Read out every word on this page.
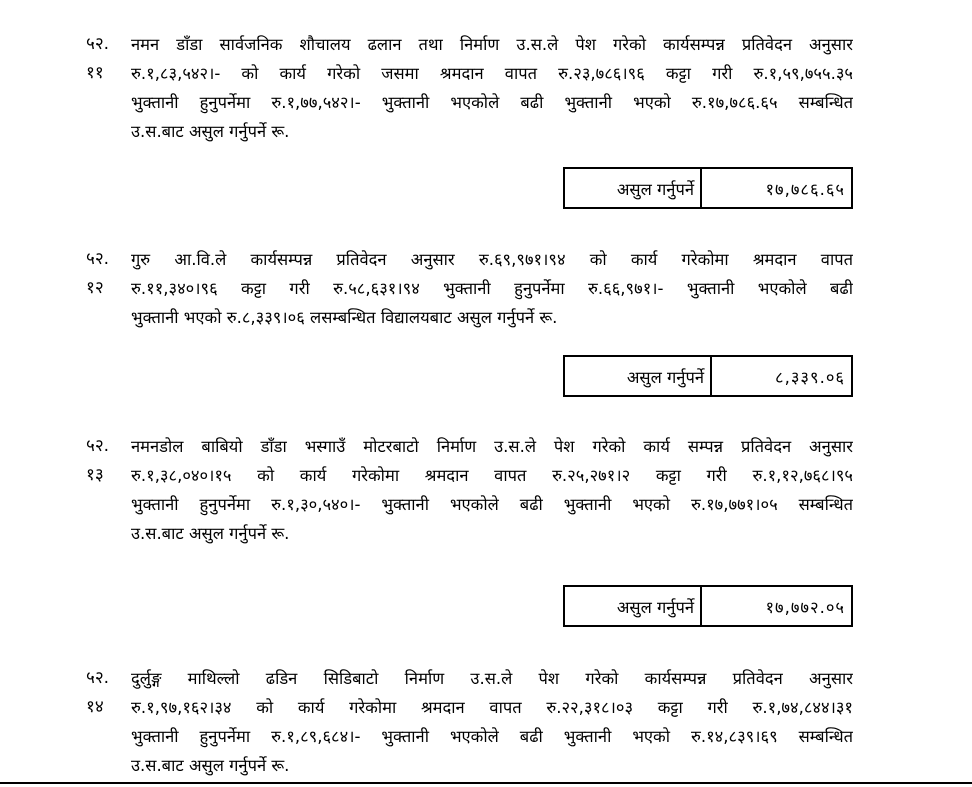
५२.
११
नमन डाँडा सार्वजनिक शौचालय ढलान तथा निर्माण उ.स.ले पेश गरेको कार्यसम्पन्न प्रतिवेदन अनुसार
रु.१,८३,५४२।- को कार्य गरेको जसमा श्रमदान वापत रु.२३,७८६।९६ कट्टा गरी रु.१,५९,७५५.३५
भुक्तानी हुनुपर्नेमा रु.१,७७,५४२।- भुक्तानी भएकोले बढी भुक्तानी भएको रु.१७,७८६.६५ सम्बन्धित
उ.स.बाट असुल गर्नुपर्ने रू.
असुल गर्नुपर्ने	१७,७८६.६५
५२.
१२
गुरु आ.वि.ले कार्यसम्पन्न प्रतिवेदन अनुसार रु.६९,९७१।९४ को कार्य गरेकोमा श्रमदान वापत
रु.११,३४०।९६ कट्टा गरी रु.५८,६३१।९४ भुक्तानी हुनुपर्नेमा रु.६६,९७१।- भुक्तानी भएकोले बढी
भुक्तानी भएको रु.८,३३९।०६ लसम्बन्धित विद्यालयबाट असुल गर्नुपर्ने रू.
असुल गर्नुपर्ने	८,३३९.०६
५२.
१३
नमनडोल बाबियो डाँडा भस्गाउँ मोटरबाटो निर्माण उ.स.ले पेश गरेको कार्य सम्पन्न प्रतिवेदन अनुसार
रु.१,३८,०४०।१५ को कार्य गरेकोमा श्रमदान वापत रु.२५,२७१।२ कट्टा गरी रु.१,१२,७६८।९५
भुक्तानी हुनुपर्नेमा रु.१,३०,५४०।- भुक्तानी भएकोले बढी भुक्तानी भएको रु.१७,७७१।०५ सम्बन्धित
उ.स.बाट असुल गर्नुपर्ने रू.
असुल गर्नुपर्ने	१७,७७२.०५
५२.
१४
दुर्लुङ्ग माथिल्लो ढडिन सिडिबाटो निर्माण उ.स.ले पेश गरेको कार्यसम्पन्न प्रतिवेदन अनुसार
रु.१,९७,१६२।३४ को कार्य गरेकोमा श्रमदान वापत रु.२२,३१८।०३ कट्टा गरी रु.१,७४,८४४।३१
भुक्तानी हुनुपर्नेमा रु.१,८९,६८४।- भुक्तानी भएकोले बढी भुक्तानी भएको रु.१४,८३९।६९ सम्बन्धित
उ.स.बाट असुल गर्नुपर्ने रू.
